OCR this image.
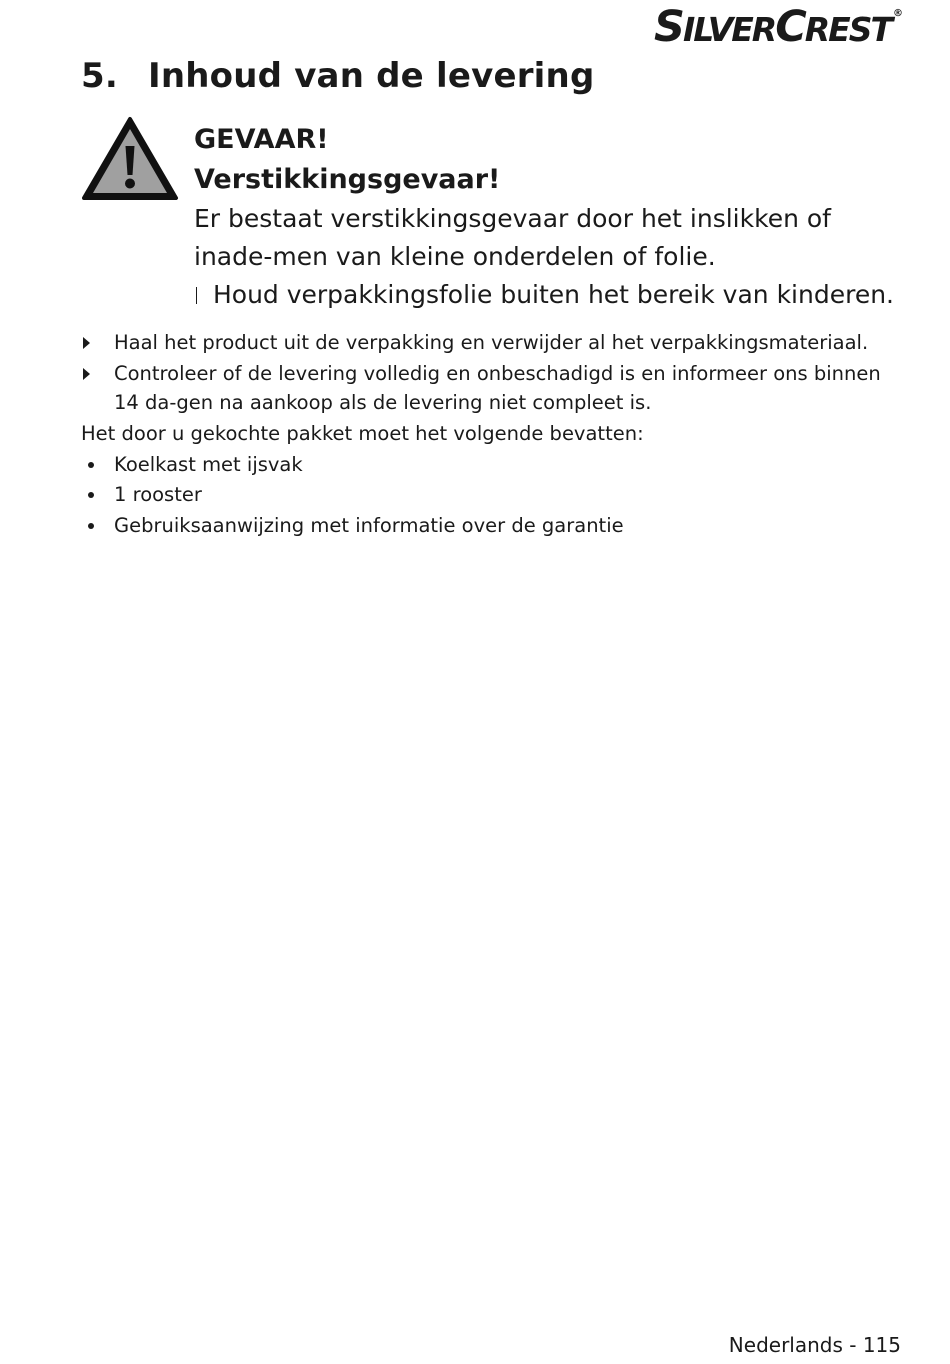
SILVERCREST ®
5. Inhoud van de levering
GEVAAR!
Verstikkingsgevaar!
Er bestaat verstikkingsgevaar door het inslikken of inade-men van kleine onderdelen of folie.
Houd verpakkingsfolie buiten het bereik van kinderen.
Haal het product uit de verpakking en verwijder al het verpakkingsmateriaal.
Controleer of de levering volledig en onbeschadigd is en informeer ons binnen 14 da-gen na aankoop als de levering niet compleet is.
Het door u gekochte pakket moet het volgende bevatten:
Koelkast met ijsvak
1 rooster
Gebruiksaanwijzing met informatie over de garantie
Nederlands - 115
